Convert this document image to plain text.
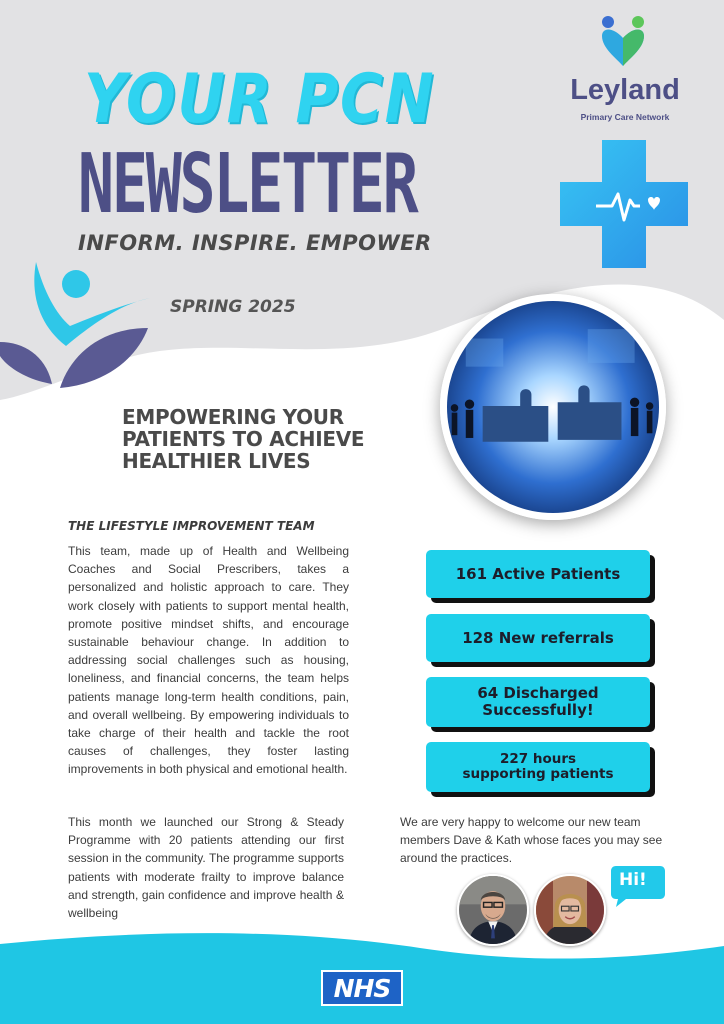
YOUR PCN
NEWSLETTER
INFORM. INSPIRE. EMPOWER
SPRING 2025
Leyland
Primary Care Network
EMPOWERING YOUR
PATIENTS TO ACHIEVE
HEALTHIER LIVES
THE LIFESTYLE IMPROVEMENT TEAM

This team, made up of Health and Wellbeing Coaches and Social Prescribers, takes a personalized and holistic approach to care. They work closely with patients to support mental health, promote positive mindset shifts, and encourage sustainable behaviour change. In addition to addressing social challenges such as housing, loneliness, and financial concerns, the team helps patients manage long-term health conditions, pain, and overall wellbeing. By empowering individuals to take charge of their health and tackle the root causes of challenges, they foster lasting improvements in both physical and emotional health.

This month we launched our Strong & Steady Programme with 20 patients attending our first session in the community. The programme supports patients with moderate frailty to improve balance and strength, gain confidence and improve health & wellbeing

We are very happy to welcome our new team members Dave & Kath whose faces you may see around the practices.

161 Active Patients
128 New referrals
64 Discharged
Successfully!
227 hours
supporting patients
Hi!
NHS
